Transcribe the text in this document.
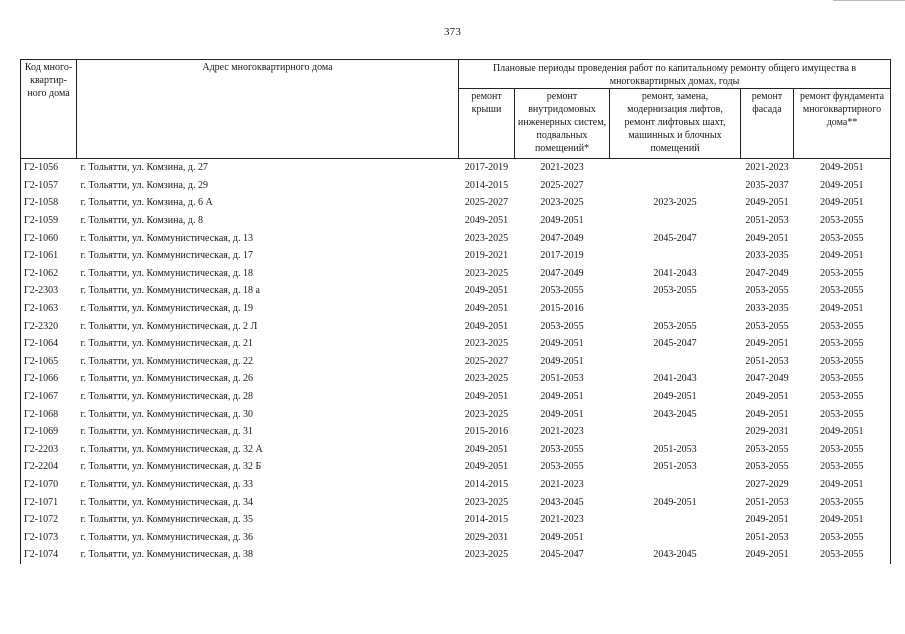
373
Код много-квартир-ного дома	Адрес многоквартирного дома	Плановые периоды проведения работ по капитальному ремонту общего имущества в многоквартирных домах, годы				
		ремонт крыши	ремонт внутридомовых инженерных систем, подвальных помещений*	ремонт, замена, модернизация лифтов, ремонт лифтовых шахт, машинных и блочных помещений	ремонт фасада	ремонт фундамента многоквартирного дома**
Г2-1056	г. Тольятти, ул. Комзина, д. 27	2017-2019	2021-2023		2021-2023	2049-2051
Г2-1057	г. Тольятти, ул. Комзина, д. 29	2014-2015	2025-2027		2035-2037	2049-2051
Г2-1058	г. Тольятти, ул. Комзина, д. 6 А	2025-2027	2023-2025	2023-2025	2049-2051	2049-2051
Г2-1059	г. Тольятти, ул. Комзина, д. 8	2049-2051	2049-2051		2051-2053	2053-2055
Г2-1060	г. Тольятти, ул. Коммунистическая, д. 13	2023-2025	2047-2049	2045-2047	2049-2051	2053-2055
Г2-1061	г. Тольятти, ул. Коммунистическая, д. 17	2019-2021	2017-2019		2033-2035	2049-2051
Г2-1062	г. Тольятти, ул. Коммунистическая, д. 18	2023-2025	2047-2049	2041-2043	2047-2049	2053-2055
Г2-2303	г. Тольятти, ул. Коммунистическая, д. 18 а	2049-2051	2053-2055	2053-2055	2053-2055	2053-2055
Г2-1063	г. Тольятти, ул. Коммунистическая, д. 19	2049-2051	2015-2016		2033-2035	2049-2051
Г2-2320	г. Тольятти, ул. Коммунистическая, д. 2 Л	2049-2051	2053-2055	2053-2055	2053-2055	2053-2055
Г2-1064	г. Тольятти, ул. Коммунистическая, д. 21	2023-2025	2049-2051	2045-2047	2049-2051	2053-2055
Г2-1065	г. Тольятти, ул. Коммунистическая, д. 22	2025-2027	2049-2051		2051-2053	2053-2055
Г2-1066	г. Тольятти, ул. Коммунистическая, д. 26	2023-2025	2051-2053	2041-2043	2047-2049	2053-2055
Г2-1067	г. Тольятти, ул. Коммунистическая, д. 28	2049-2051	2049-2051	2049-2051	2049-2051	2053-2055
Г2-1068	г. Тольятти, ул. Коммунистическая, д. 30	2023-2025	2049-2051	2043-2045	2049-2051	2053-2055
Г2-1069	г. Тольятти, ул. Коммунистическая, д. 31	2015-2016	2021-2023		2029-2031	2049-2051
Г2-2203	г. Тольятти, ул. Коммунистическая, д. 32 А	2049-2051	2053-2055	2051-2053	2053-2055	2053-2055
Г2-2204	г. Тольятти, ул. Коммунистическая, д. 32 Б	2049-2051	2053-2055	2051-2053	2053-2055	2053-2055
Г2-1070	г. Тольятти, ул. Коммунистическая, д. 33	2014-2015	2021-2023		2027-2029	2049-2051
Г2-1071	г. Тольятти, ул. Коммунистическая, д. 34	2023-2025	2043-2045	2049-2051	2051-2053	2053-2055
Г2-1072	г. Тольятти, ул. Коммунистическая, д. 35	2014-2015	2021-2023		2049-2051	2049-2051
Г2-1073	г. Тольятти, ул. Коммунистическая, д. 36	2029-2031	2049-2051		2051-2053	2053-2055
Г2-1074	г. Тольятти, ул. Коммунистическая, д. 38	2023-2025	2045-2047	2043-2045	2049-2051	2053-2055
